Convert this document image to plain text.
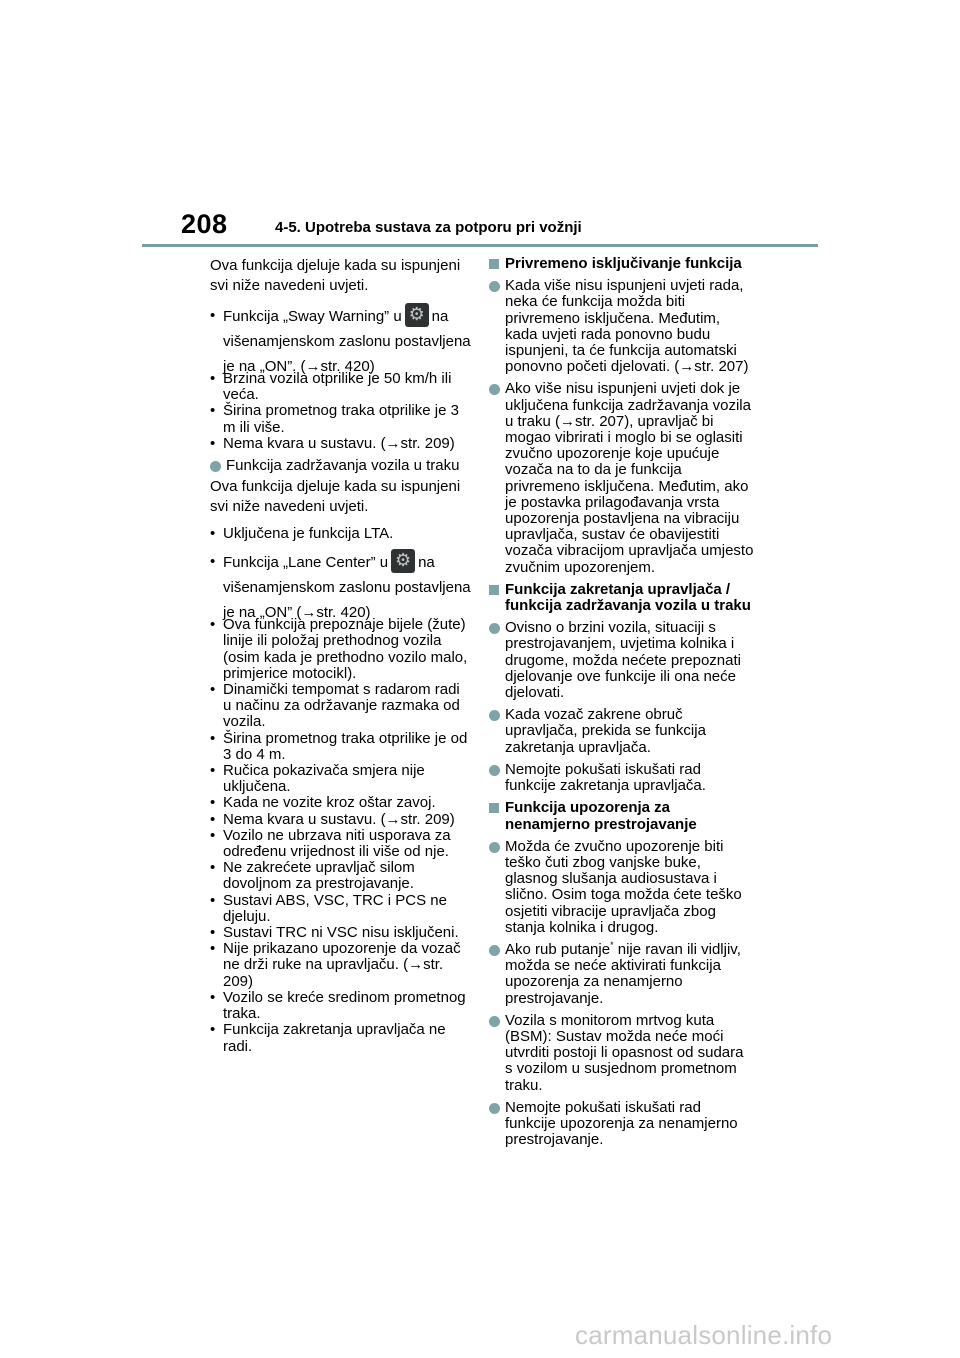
208	4-5. Upotreba sustava za potporu pri vožnji

Ova funkcija djeluje kada su ispunjeni
svi niže navedeni uvjeti.

• Funkcija „Sway Warning” u ⚙ na
višenamjenskom zaslonu postavljena
je na „ON”. (→str. 420)
• Brzina vozila otprilike je 50 km/h ili veća.
• Širina prometnog traka otprilike je 3 m ili više.
• Nema kvara u sustavu. (→str. 209)
Funkcija zadržavanja vozila u traku

Ova funkcija djeluje kada su ispunjeni
svi niže navedeni uvjeti.

• Uključena je funkcija LTA.
• Funkcija „Lane Center” u ⚙ na
višenamjenskom zaslonu postavljena
je na „ON” (→str. 420)
• Ova funkcija prepoznaje bijele (žute) linije ili položaj prethodnog vozila (osim kada je prethodno vozilo malo, primjerice motocikl).
• Dinamički tempomat s radarom radi u načinu za održavanje razmaka od vozila.
• Širina prometnog traka otprilike je od 3 do 4 m.
• Ručica pokazivača smjera nije uključena.
• Kada ne vozite kroz oštar zavoj.
• Nema kvara u sustavu. (→str. 209)
• Vozilo ne ubrzava niti usporava za određenu vrijednost ili više od nje.
• Ne zakrećete upravljač silom dovoljnom za prestrojavanje.
• Sustavi ABS, VSC, TRC i PCS ne djeluju.
• Sustavi TRC ni VSC nisu isključeni.
• Nije prikazano upozorenje da vozač ne drži ruke na upravljaču. (→str. 209)
• Vozilo se kreće sredinom prometnog traka.
• Funkcija zakretanja upravljača ne radi.
Privremeno isključivanje funkcija
Kada više nisu ispunjeni uvjeti rada, neka će funkcija možda biti privremeno isključena. Međutim, kada uvjeti rada ponovno budu ispunjeni, ta će funkcija automatski ponovno početi djelovati. (→str. 207)
Ako više nisu ispunjeni uvjeti dok je uključena funkcija zadržavanja vozila u traku (→str. 207), upravljač bi mogao vibrirati i moglo bi se oglasiti zvučno upozorenje koje upućuje vozača na to da je funkcija privremeno isključena. Međutim, ako je postavka prilagođavanja vrsta upozorenja postavljena na vibraciju upravljača, sustav će obavijestiti vozača vibracijom upravljača umjesto zvučnim upozorenjem.
Funkcija zakretanja upravljača / funkcija zadržavanja vozila u traku
Ovisno o brzini vozila, situaciji s prestrojavanjem, uvjetima kolnika i drugome, možda nećete prepoznati djelovanje ove funkcije ili ona neće djelovati.
Kada vozač zakrene obruč upravljača, prekida se funkcija zakretanja upravljača.
Nemojte pokušati iskušati rad funkcije zakretanja upravljača.
Funkcija upozorenja za nenamjerno prestrojavanje
Možda će zvučno upozorenje biti teško čuti zbog vanjske buke, glasnog slušanja audiosustava i slično. Osim toga možda ćete teško osjetiti vibracije upravljača zbog stanja kolnika i drugog.
Ako rub putanje* nije ravan ili vidljiv, možda se neće aktivirati funkcija upozorenja za nenamjerno prestrojavanje.
Vozila s monitorom mrtvog kuta (BSM): Sustav možda neće moći utvrditi postoji li opasnost od sudara s vozilom u susjednom prometnom traku.
Nemojte pokušati iskušati rad funkcije upozorenja za nenamjerno prestrojavanje.
carmanualsonline.info
